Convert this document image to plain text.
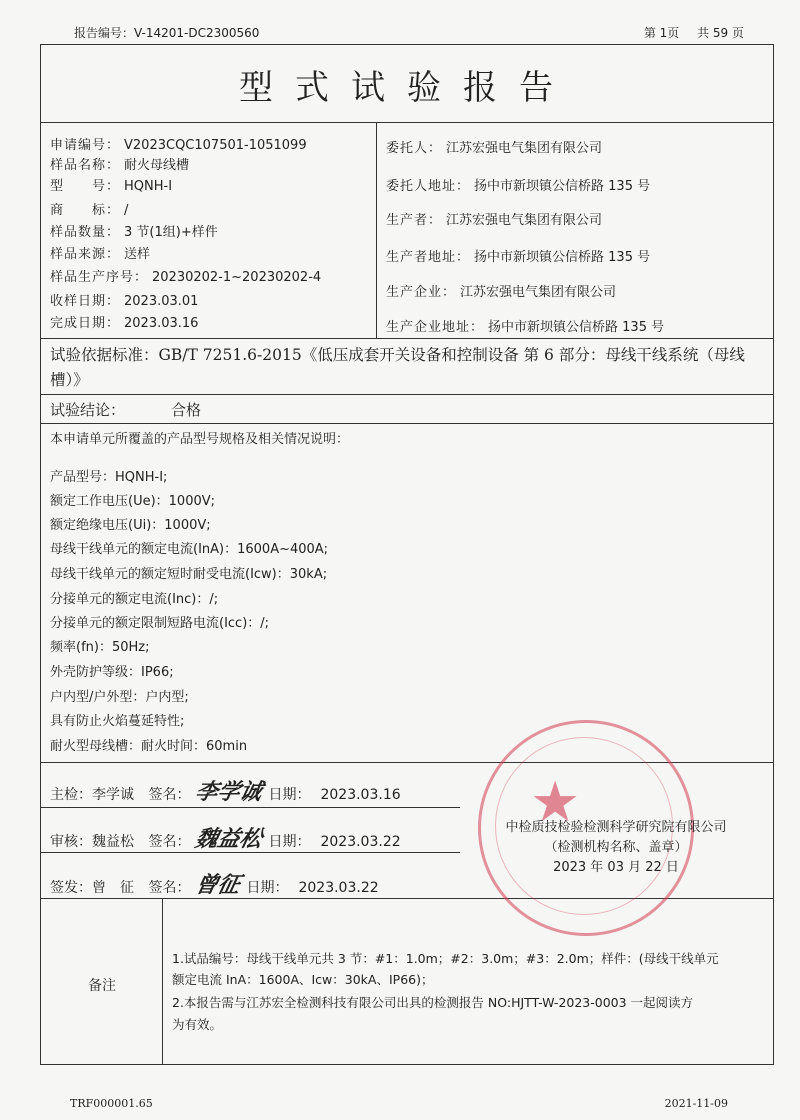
报告编号：V-14201-DC2300560	第 1页 共 59 页
型式试验报告
申请编号： V2023CQC107501-1051099
样品名称： 耐火母线槽
型　　号： HQNH-I
商　　标： /
样品数量： 3 节(1组)+样件
样品来源： 送样
样品生产序号： 20230202-1~20230202-4
收样日期： 2023.03.01
完成日期： 2023.03.16
委托人： 江苏宏强电气集团有限公司
委托人地址： 扬中市新坝镇公信桥路 135 号
生产者： 江苏宏强电气集团有限公司
生产者地址： 扬中市新坝镇公信桥路 135 号
生产企业： 江苏宏强电气集团有限公司
生产企业地址： 扬中市新坝镇公信桥路 135 号
试验依据标准：GB/T 7251.6-2015《低压成套开关设备和控制设备 第 6 部分：母线干线系统（母线槽）》
试验结论：	合格
本申请单元所覆盖的产品型号规格及相关情况说明：
产品型号：HQNH-I;
额定工作电压(Ue)：1000V;
额定绝缘电压(Ui)：1000V;
母线干线单元的额定电流(InA)：1600A~400A;
母线干线单元的额定短时耐受电流(Icw)：30kA;
分接单元的额定电流(Inc)：/;
分接单元的额定限制短路电流(Icc)：/;
频率(fn)：50Hz;
外壳防护等级：IP66;
户内型/户外型：户内型;
具有防止火焰蔓延特性;
耐火型母线槽：耐火时间：60min
★
主检：李学诚 签名： 李学诚 日期： 2023.03.16
审核：魏益松 签名： 魏益松 日期： 2023.03.22
签发：曾　征 签名： 曾征 日期： 2023.03.22
中检质技检验检测科学研究院有限公司
（检测机构名称、盖章）
2023 年 03 月 22 日
备注
1.试品编号：母线干线单元共 3 节：#1：1.0m；#2：3.0m；#3：2.0m；样件：(母线干线单元
额定电流 InA：1600A、Icw：30kA、IP66)；
2.本报告需与江苏宏全检测科技有限公司出具的检测报告 NO:HJTT-W-2023-0003 一起阅读方
为有效。
TRF000001.65	2021-11-09
